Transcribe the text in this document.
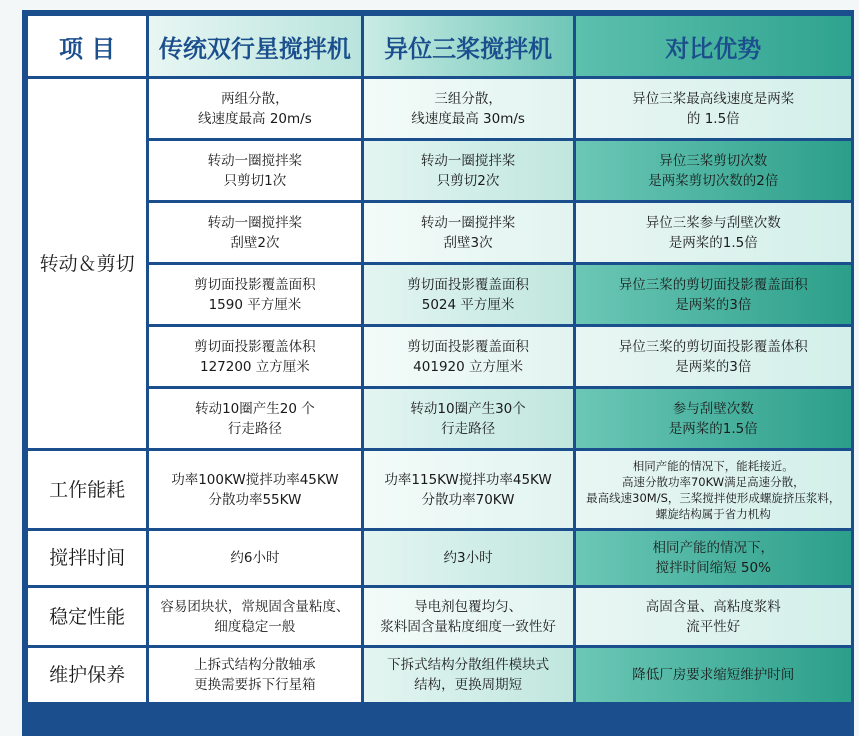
项 目	传统双行星搅拌机	异位三桨搅拌机	对比优势
转动＆剪切	两组分散，
线速度最高 20m/s	三组分散，
线速度最高 30m/s	异位三桨最高线速度是两桨
的 1.5倍

	转动一圈搅拌桨
只剪切1次	转动一圈搅拌桨
只剪切2次	异位三桨剪切次数
是两桨剪切次数的2倍

	转动一圈搅拌桨
刮壁2次	转动一圈搅拌桨
刮壁3次	异位三桨参与刮壁次数
是两桨的1.5倍

	剪切面投影覆盖面积
1590 平方厘米	剪切面投影覆盖面积
5024 平方厘米	异位三桨的剪切面投影覆盖面积
是两桨的3倍

	剪切面投影覆盖体积
127200 立方厘米	剪切面投影覆盖面积
401920 立方厘米	异位三桨的剪切面投影覆盖体积
是两桨的3倍

	转动10圈产生20 个
行走路径	转动10圈产生30个
行走路径	参与刮壁次数
是两桨的1.5倍

工作能耗	功率100KW搅拌功率45KW
分散功率55KW	功率115KW搅拌功率45KW
分散功率70KW	相同产能的情况下，能耗接近。
高速分散功率70KW满足高速分散，
最高线速30M/S，三桨搅拌使形成螺旋挤压浆料，
螺旋结构属于省力机构

搅拌时间	约6小时	约3小时	相同产能的情况下，
搅拌时间缩短 50%

稳定性能	容易团块状，常规固含量粘度、
细度稳定一般	导电剂包覆均匀、
浆料固含量粘度细度一致性好	高固含量、高粘度浆料
流平性好

维护保养	上拆式结构分散轴承
更换需要拆下行星箱	下拆式结构分散组件模块式
结构，更换周期短	降低厂房要求缩短维护时间
